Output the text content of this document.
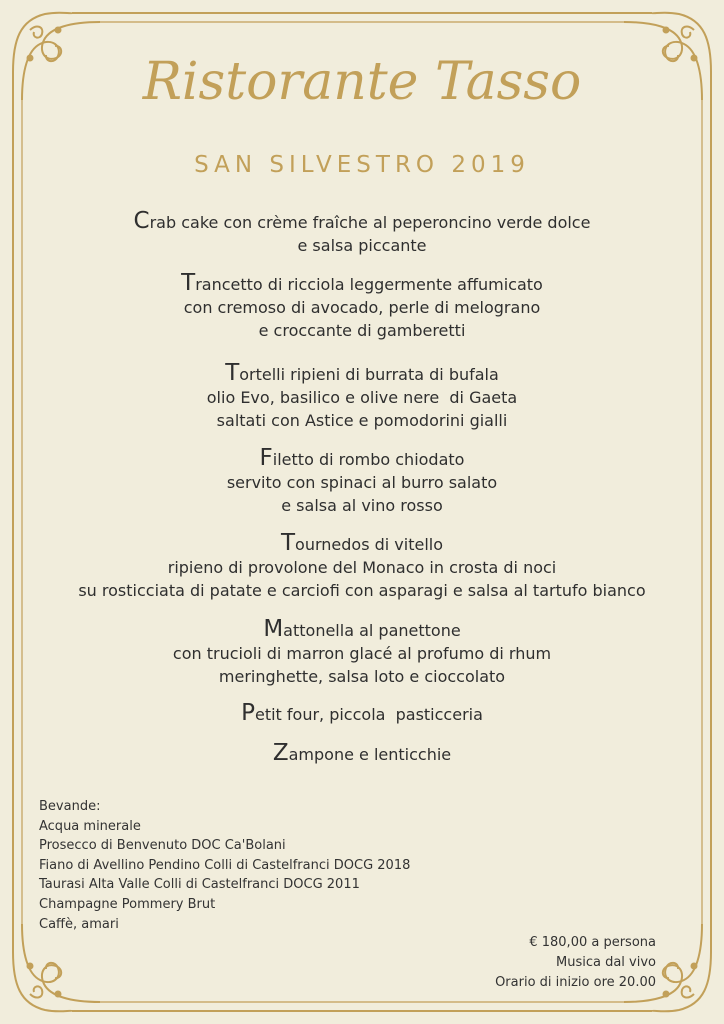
Ristorante Tasso
SAN SILVESTRO 2019
Crab cake con crème fraîche al peperoncino verde dolce
e salsa piccante
Trancetto di ricciola leggermente affumicato
con cremoso di avocado, perle di melograno
e croccante di gamberetti
Tortelli ripieni di burrata di bufala
olio Evo, basilico e olive nere  di Gaeta
saltati con Astice e pomodorini gialli
Filetto di rombo chiodato
servito con spinaci al burro salato
e salsa al vino rosso
Tournedos di vitello
ripieno di provolone del Monaco in crosta di noci
su rosticciata di patate e carciofi con asparagi e salsa al tartufo bianco
Mattonella al panettone
con trucioli di marron glacé al profumo di rhum
meringhette, salsa loto e cioccolato
Petit four, piccola  pasticceria
Zampone e lenticchie
Bevande:
Acqua minerale
Prosecco di Benvenuto DOC Ca'Bolani
Fiano di Avellino Pendino Colli di Castelfranci DOCG 2018
Taurasi Alta Valle Colli di Castelfranci DOCG 2011
Champagne Pommery Brut
Caffè, amari
€ 180,00 a persona
Musica dal vivo
Orario di inizio ore 20.00
